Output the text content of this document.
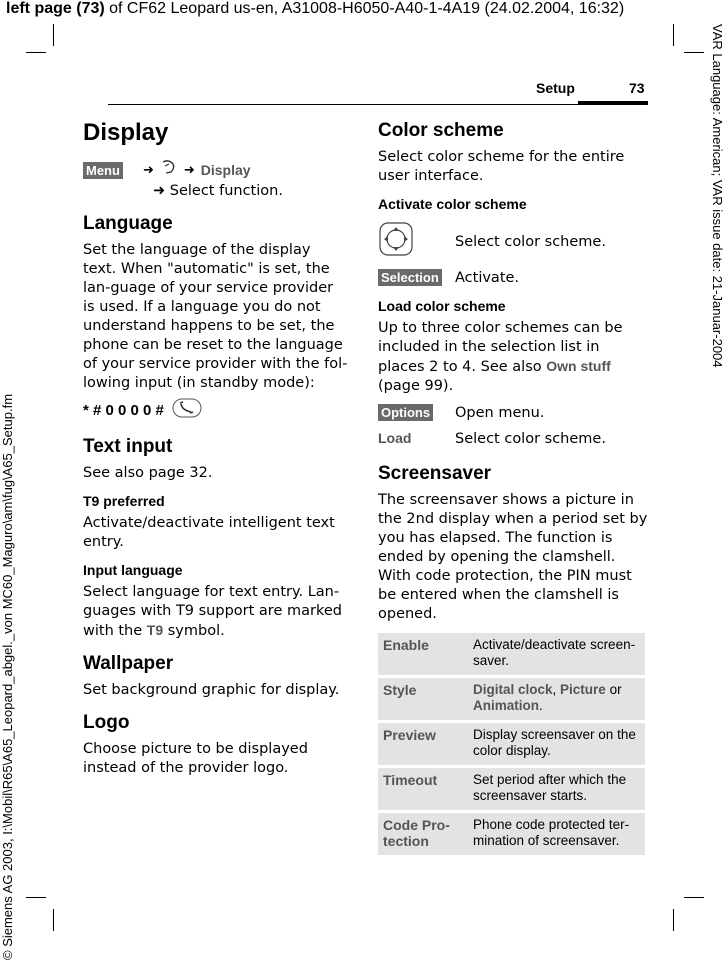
left page (73) of CF62 Leopard us-en, A31008-H6050-A40-1-4A19 (24.02.2004, 16:32)
VAR Language: American; VAR issue date: 21-Januar-2004
© Siemens AG 2003, I:\Mobil\R65\A65_Leopard_abgel._von MC60_Maguro\am\fug\A65_Setup.fm
Setup	73
Display
Menu ➜ ➜ Display
➜ Select function.
Language

Set the language of the display text. When "automatic" is set, the lan-guage of your service provider is used. If a language you do not understand happens to be set, the phone can be reset to the language of your service provider with the fol-lowing input (in standby mode):

* # 0 0 0 0 #
Text input

See also page 32.

T9 preferred

Activate/deactivate intelligent text entry.

Input language

Select language for text entry. Lan-guages with T9 support are marked with the T9 symbol.

Wallpaper

Set background graphic for display.

Logo

Choose picture to be displayed instead of the provider logo.

Color scheme

Select color scheme for the entire user interface.

Activate color scheme
Select color scheme.
Selection	Activate.
Load color scheme

Up to three color schemes can be included in the selection list in places 2 to 4. See also Own stuff (page 99).

Options	Open menu.
Load	Select color scheme.
Screensaver

The screensaver shows a picture in the 2nd display when a period set by you has elapsed. The function is ended by opening the clamshell. With code protection, the PIN must be entered when the clamshell is opened.

Enable	Activate/deactivate screen-saver.
Style	Digital clock, Picture or Animation.
Preview	Display screensaver on the color display.
Timeout	Set period after which the screensaver starts.
Code Pro-tection	Phone code protected ter-mination of screensaver.
